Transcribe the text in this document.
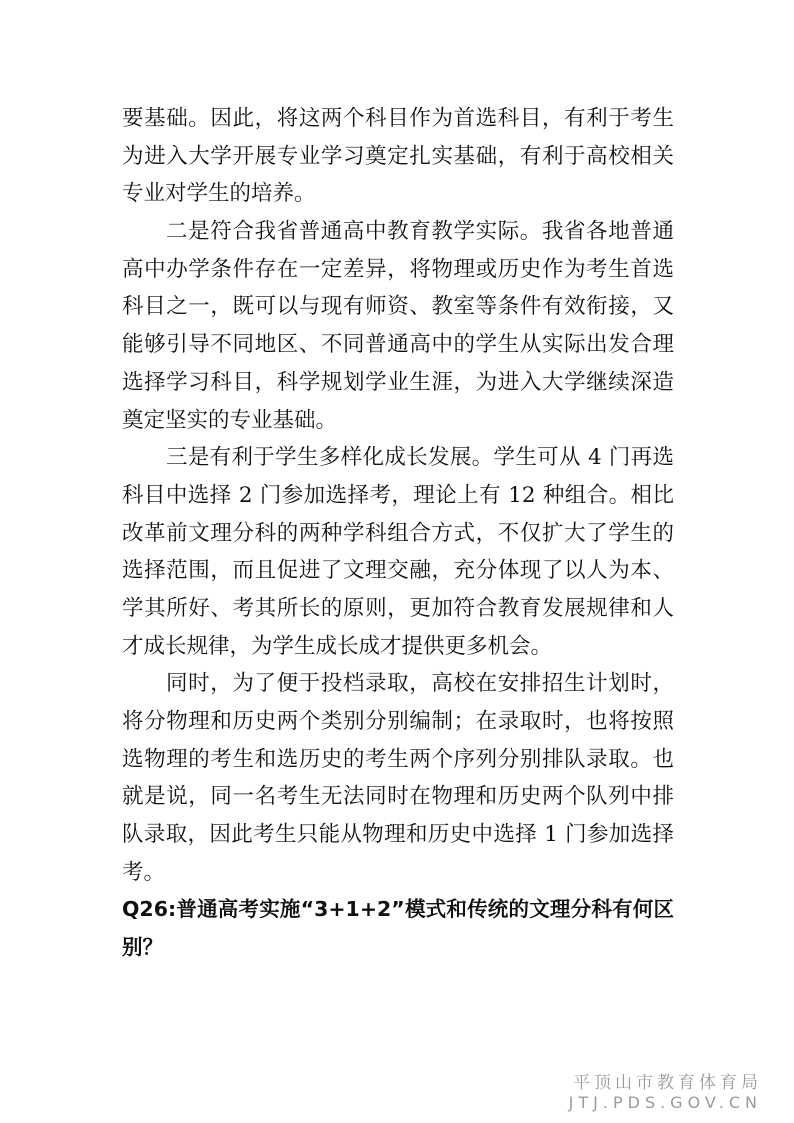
要基础。因此，将这两个科目作为首选科目，有利于考生
为进入大学开展专业学习奠定扎实基础，有利于高校相关
专业对学生的培养。
二是符合我省普通高中教育教学实际。我省各地普通
高中办学条件存在一定差异，将物理或历史作为考生首选
科目之一，既可以与现有师资、教室等条件有效衔接，又
能够引导不同地区、不同普通高中的学生从实际出发合理
选择学习科目，科学规划学业生涯，为进入大学继续深造
奠定坚实的专业基础。
三是有利于学生多样化成长发展。学生可从 4 门再选
科目中选择 2 门参加选择考，理论上有 12 种组合。相比
改革前文理分科的两种学科组合方式，不仅扩大了学生的
选择范围，而且促进了文理交融，充分体现了以人为本、
学其所好、考其所长的原则，更加符合教育发展规律和人
才成长规律，为学生成长成才提供更多机会。
同时，为了便于投档录取，高校在安排招生计划时，
将分物理和历史两个类别分别编制；在录取时，也将按照
选物理的考生和选历史的考生两个序列分别排队录取。也
就是说，同一名考生无法同时在物理和历史两个队列中排
队录取，因此考生只能从物理和历史中选择 1 门参加选择
考。
Q26:普通高考实施“3+1+2”模式和传统的文理分科有何区
别？
平顶山市教育体育局
JTJ.PDS.GOV.CN
